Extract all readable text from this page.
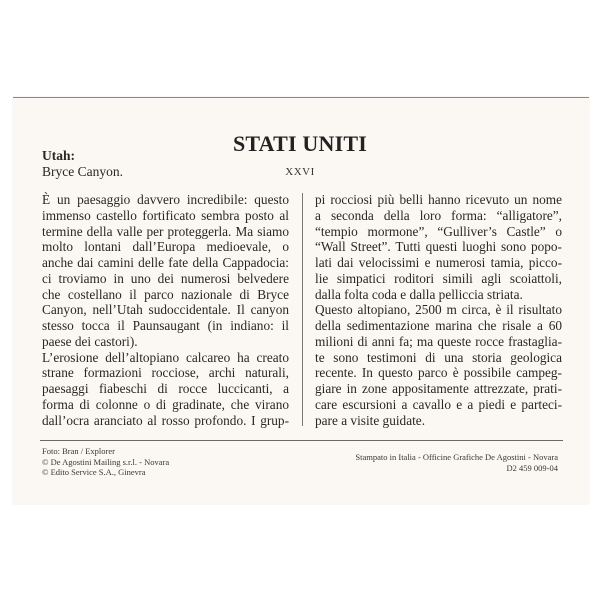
STATI UNITI
XXVI
Utah:
Bryce Canyon.
È un paesaggio davvero incredibile: questo
immenso castello fortificato sembra posto al
termine della valle per proteggerla. Ma siamo
molto lontani dall’Europa medioevale, o
anche dai camini delle fate della Cappadocia:
ci troviamo in uno dei numerosi belvedere
che costellano il parco nazionale di Bryce
Canyon, nell’Utah sudoccidentale. Il canyon
stesso tocca il Paunsaugant (in indiano: il
paese dei castori).
L’erosione dell’altopiano calcareo ha creato
strane formazioni rocciose, archi naturali,
paesaggi fiabeschi di rocce luccicanti, a
forma di colonne o di gradinate, che virano
dall’ocra aranciato al rosso profondo. I grup-
pi rocciosi più belli hanno ricevuto un nome
a seconda della loro forma: “alligatore”,
“tempio mormone”, “Gulliver’s Castle” o
“Wall Street”. Tutti questi luoghi sono popo-
lati dai velocissimi e numerosi tamia, picco-
lie simpatici roditori simili agli scoiattoli,
dalla folta coda e dalla pelliccia striata.
Questo altopiano, 2500 m circa, è il risultato
della sedimentazione marina che risale a 60
milioni di anni fa; ma queste rocce frastaglia-
te sono testimoni di una storia geologica
recente. In questo parco è possibile campeg-
giare in zone appositamente attrezzate, prati-
care escursioni a cavallo e a piedi e parteci-
pare a visite guidate.
Foto: Bran / Explorer
© De Agostini Mailing s.r.l. - Novara
© Edito Service S.A., Ginevra
Stampato in Italia - Officine Grafiche De Agostini - Novara
D2 459 009-04
